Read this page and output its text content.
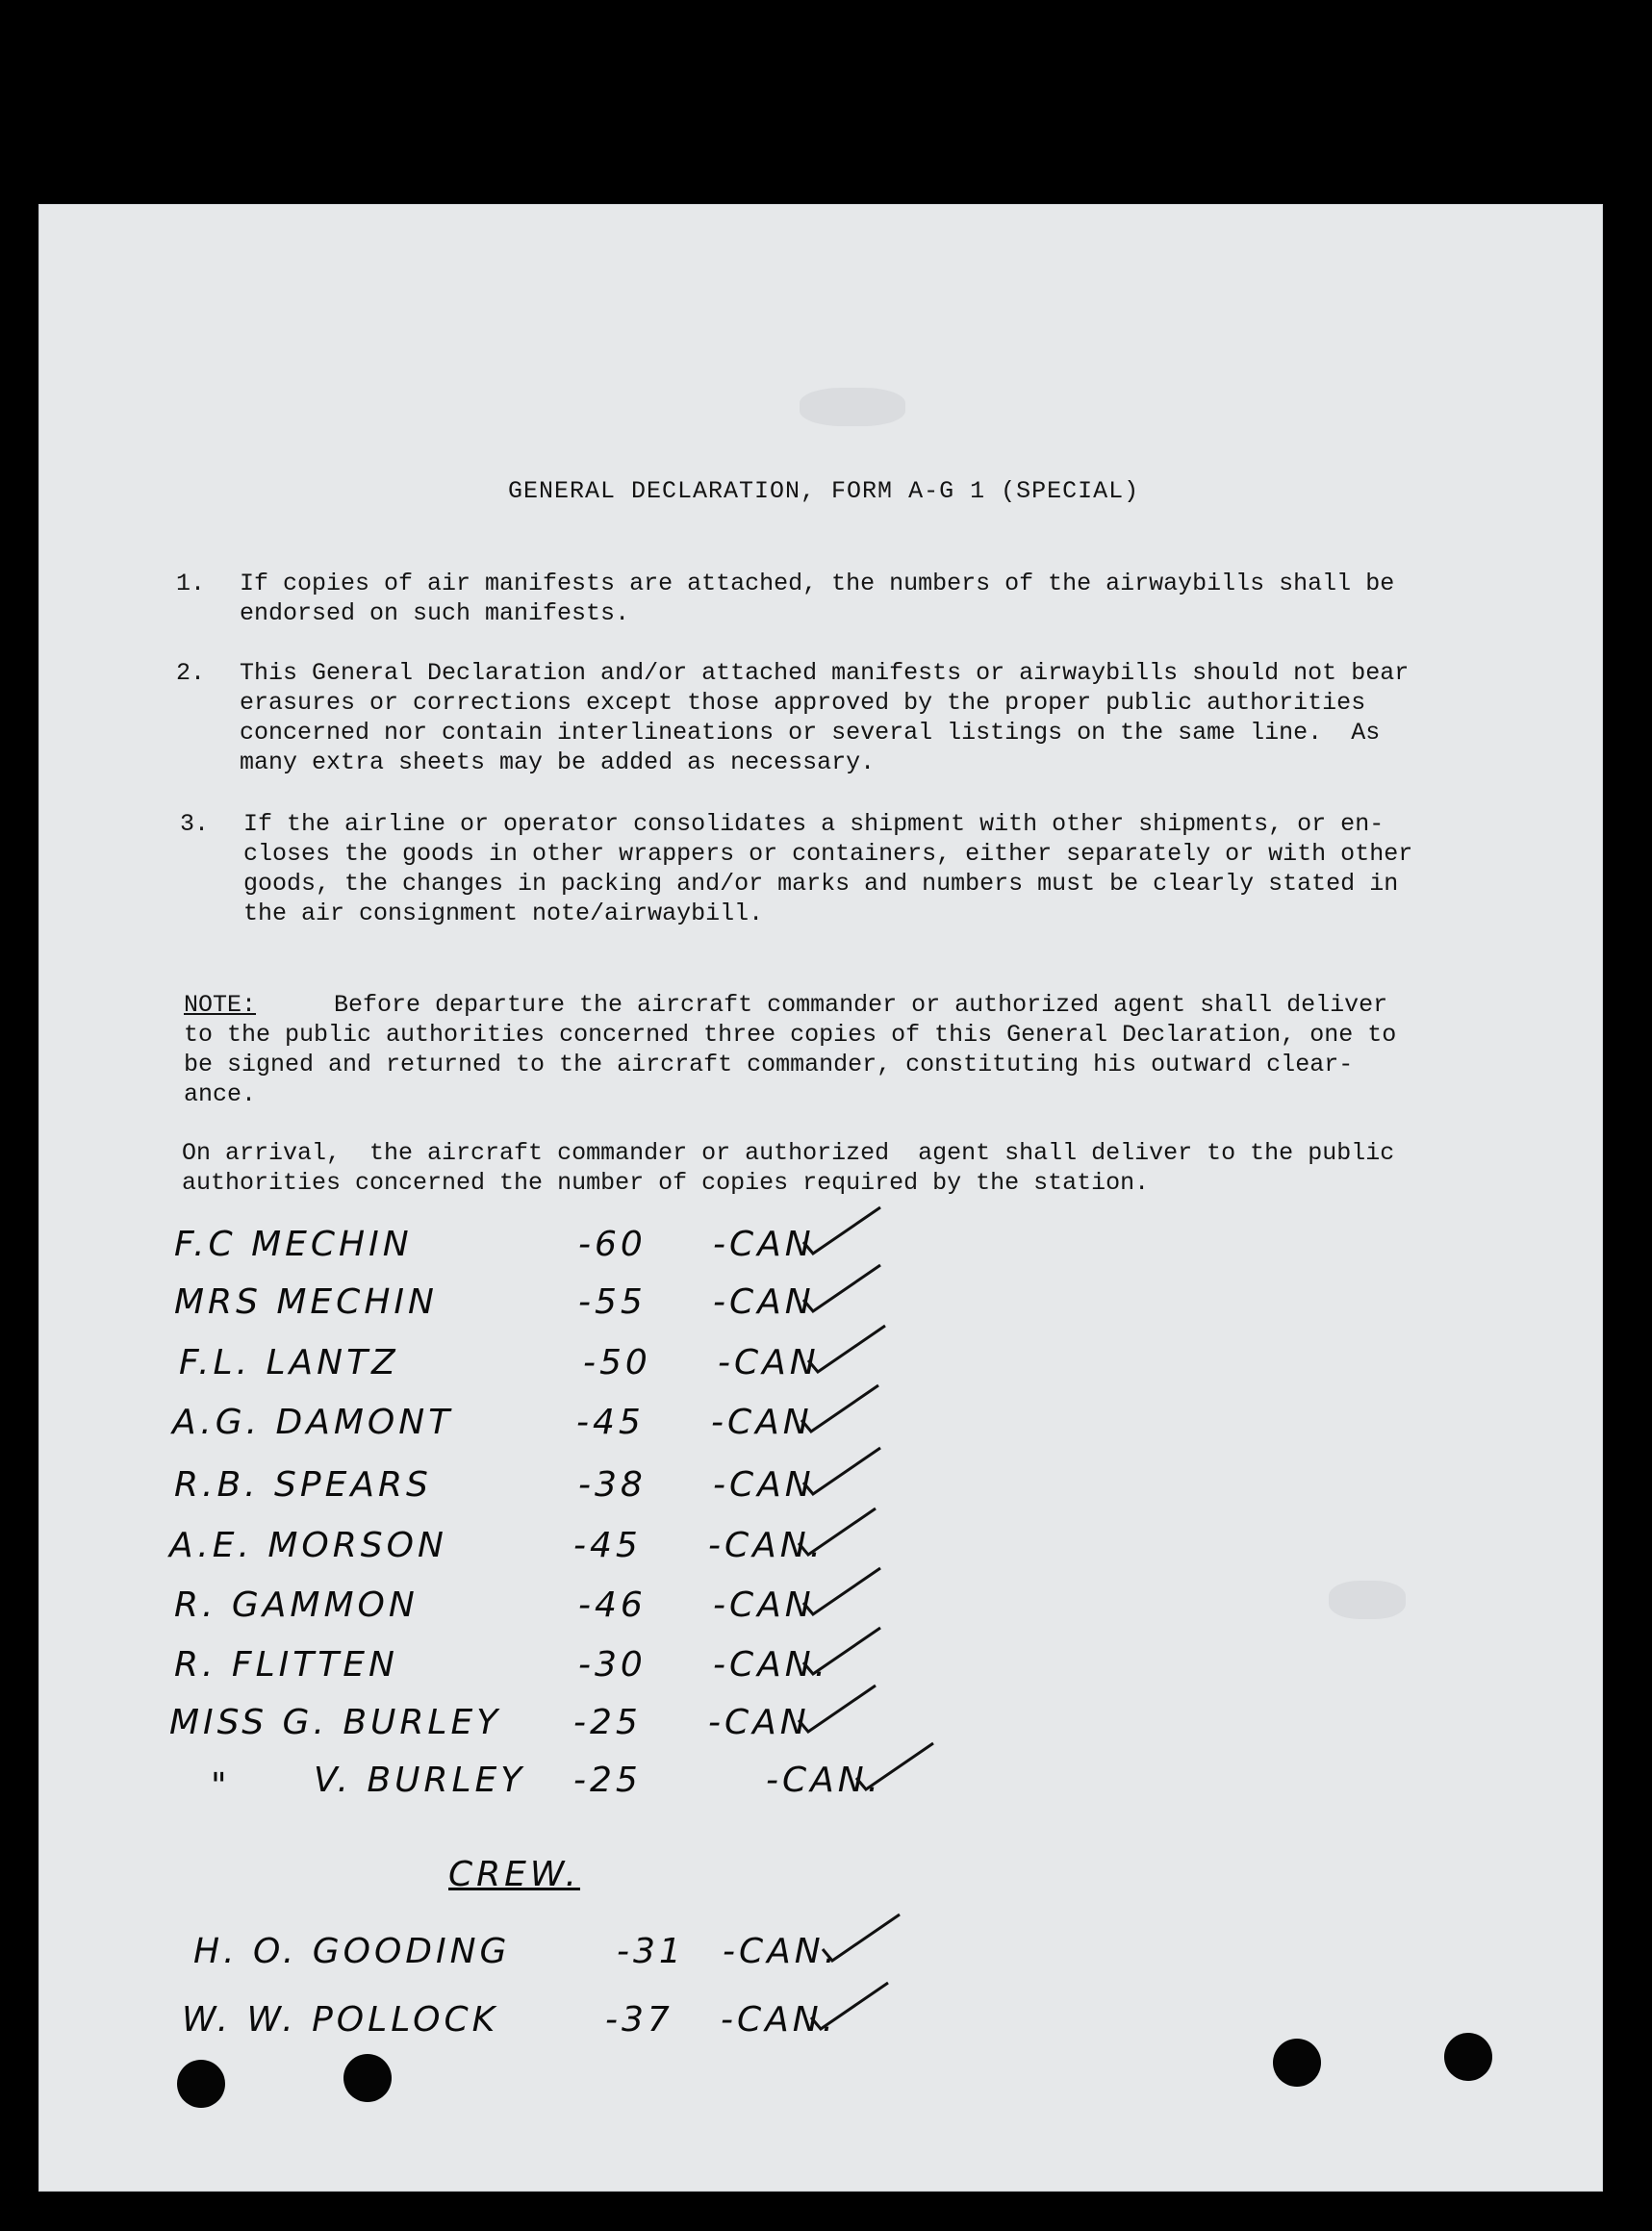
GENERAL DECLARATION, FORM A-G 1 (SPECIAL)
1. If copies of air manifests are attached, the numbers of the airwaybills shall be
endorsed on such manifests.
2. This General Declaration and/or attached manifests or airwaybills should not bear
erasures or corrections except those approved by the proper public authorities
concerned nor contain interlineations or several listings on the same line.  As
many extra sheets may be added as necessary.
3. If the airline or operator consolidates a shipment with other shipments, or en-
closes the goods in other wrappers or containers, either separately or with other
goods, the changes in packing and/or marks and numbers must be clearly stated in
the air consignment note/airwaybill.
NOTE:	Before departure the aircraft commander or authorized agent shall deliver
to the public authorities concerned three copies of this General Declaration, one to
be signed and returned to the aircraft commander, constituting his outward clear-
ance.
On arrival,  the aircraft commander or authorized  agent shall deliver to the public
authorities concerned the number of copies required by the station.
F.C MECHIN	-60 -CAN
MRS MECHIN	-55 -CAN
F.L. LANTZ	-50 -CAN
A.G. DAMONT	-45 -CAN
R.B. SPEARS	-38 -CAN
A.E. MORSON	-45 -CAN.
R. GAMMON	-46 -CAN
R. FLITTEN	-30 -CAN.
MISS G. BURLEY -25 -CAN
" V. BURLEY -25	-CAN.
CREW.
H. O. GOODING	-31 -CAN.
W. W. POLLOCK	-37 -CAN.
